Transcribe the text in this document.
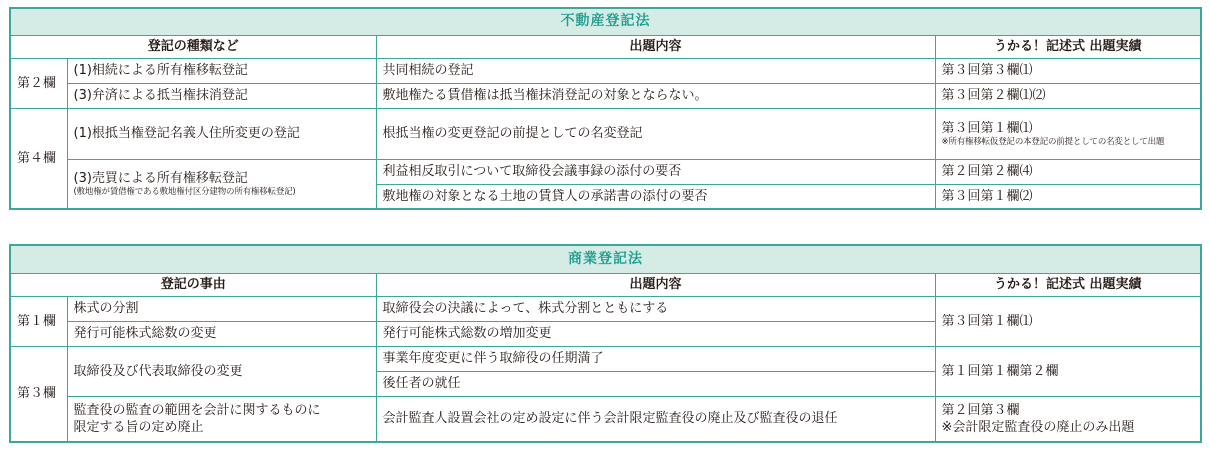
不動産登記法			
登記の種類など		出題内容	うかる！記述式 出題実績
第２欄	(1)相続による所有権移転登記	共同相続の登記	第３回第３欄⑴
	(3)弁済による抵当権抹消登記	敷地権たる賃借権は抵当権抹消登記の対象とならない。	第３回第２欄⑴⑵
第４欄	(1)根抵当権登記名義人住所変更の登記	根抵当権の変更登記の前提としての名変登記	第３回第１欄⑴
※所有権移転仮登記の本登記の前提としての名変として出題

	(3)売買による所有権移転登記
(敷地権が賃借権である敷地権付区分建物の所有権移転登記)	利益相反取引について取締役会議事録の添付の要否	第２回第２欄⑷
		敷地権の対象となる土地の賃貸人の承諾書の添付の要否	第３回第１欄⑵
商業登記法			
登記の事由		出題内容	うかる！記述式 出題実績
第１欄	株式の分割	取締役会の決議によって、株式分割とともにする	第３回第１欄⑴
	発行可能株式総数の変更	発行可能株式総数の増加変更	
第３欄	取締役及び代表取締役の変更	事業年度変更に伴う取締役の任期満了	第１回第１欄第２欄
		後任者の就任	

	監査役の監査の範囲を会計に関するものに
限定する旨の定め廃止	会計監査人設置会社の定め設定に伴う会計限定監査役の廃止及び監査役の退任	第２回第３欄
※会計限定監査役の廃止のみ出題
